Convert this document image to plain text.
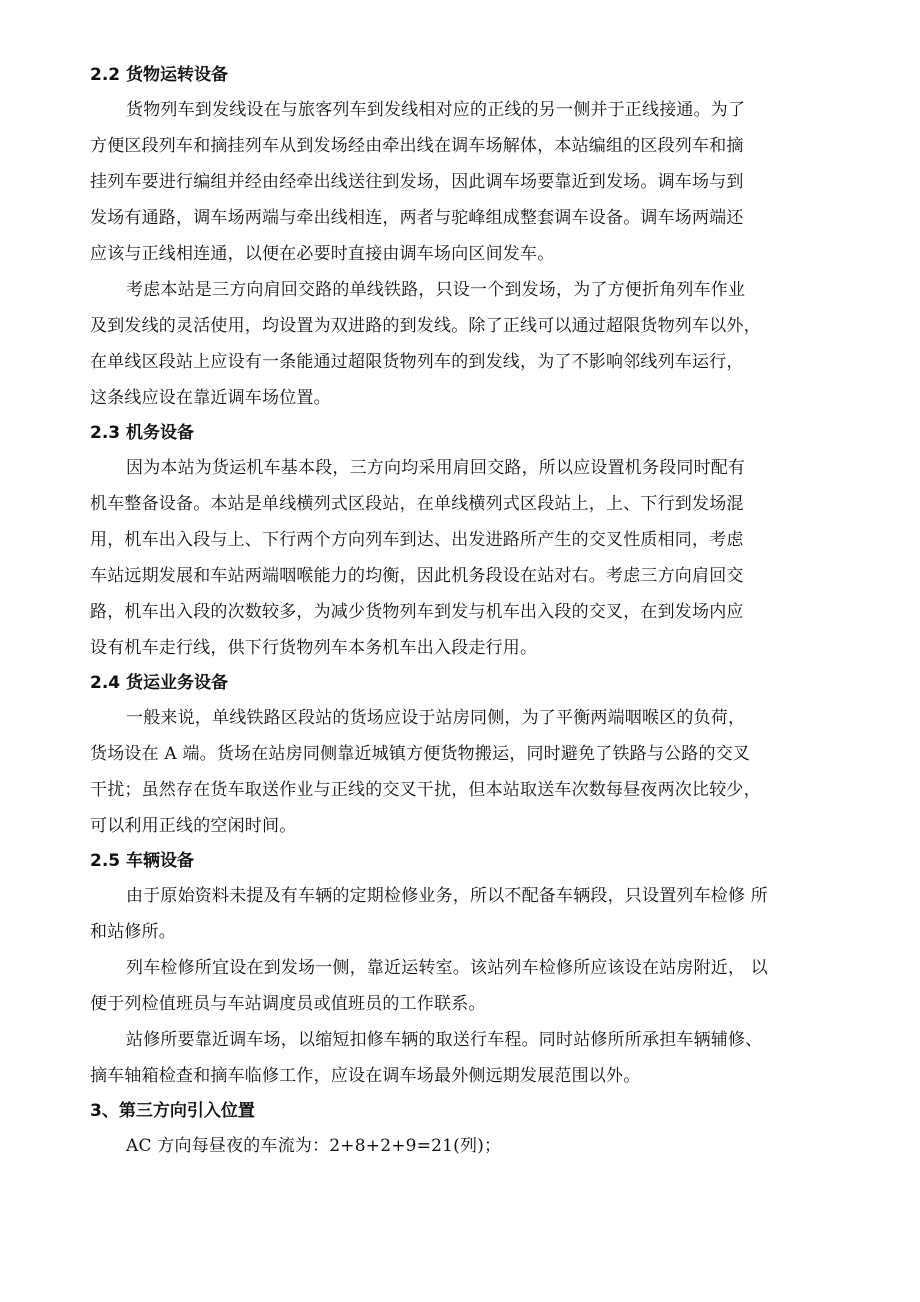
2.2 货物运转设备

货物列车到发线设在与旅客列车到发线相对应的正线的另一侧并于正线接通。为了
方便区段列车和摘挂列车从到发场经由牵出线在调车场解体，本站编组的区段列车和摘
挂列车要进行编组并经由经牵出线送往到发场，因此调车场要靠近到发场。调车场与到
发场有通路，调车场两端与牵出线相连，两者与驼峰组成整套调车设备。调车场两端还
应该与正线相连通，以便在必要时直接由调车场向区间发车。
考虑本站是三方向肩回交路的单线铁路，只设一个到发场，为了方便折角列车作业
及到发线的灵活使用，均设置为双进路的到发线。除了正线可以通过超限货物列车以外，
在单线区段站上应设有一条能通过超限货物列车的到发线，为了不影响邻线列车运行，
这条线应设在靠近调车场位置。

2.3 机务设备

因为本站为货运机车基本段，三方向均采用肩回交路，所以应设置机务段同时配有
机车整备设备。本站是单线横列式区段站，在单线横列式区段站上，上、下行到发场混
用，机车出入段与上、下行两个方向列车到达、出发进路所产生的交叉性质相同，考虑
车站远期发展和车站两端咽喉能力的均衡，因此机务段设在站对右。考虑三方向肩回交
路，机车出入段的次数较多，为减少货物列车到发与机车出入段的交叉，在到发场内应
设有机车走行线，供下行货物列车本务机车出入段走行用。

2.4 货运业务设备

一般来说，单线铁路区段站的货场应设于站房同侧，为了平衡两端咽喉区的负荷，
货场设在 A 端。货场在站房同侧靠近城镇方便货物搬运，同时避免了铁路与公路的交叉
干扰；虽然存在货车取送作业与正线的交叉干扰，但本站取送车次数每昼夜两次比较少，
可以利用正线的空闲时间。

2.5 车辆设备

由于原始资料未提及有车辆的定期检修业务，所以不配备车辆段，只设置列车检修 所
和站修所。
列车检修所宜设在到发场一侧，靠近运转室。该站列车检修所应该设在站房附近， 以
便于列检值班员与车站调度员或值班员的工作联系。
站修所要靠近调车场，以缩短扣修车辆的取送行车程。同时站修所所承担车辆辅修、
摘车轴箱检查和摘车临修工作，应设在调车场最外侧远期发展范围以外。

3、第三方向引入位置

AC 方向每昼夜的车流为：2+8+2+9=21(列)；
